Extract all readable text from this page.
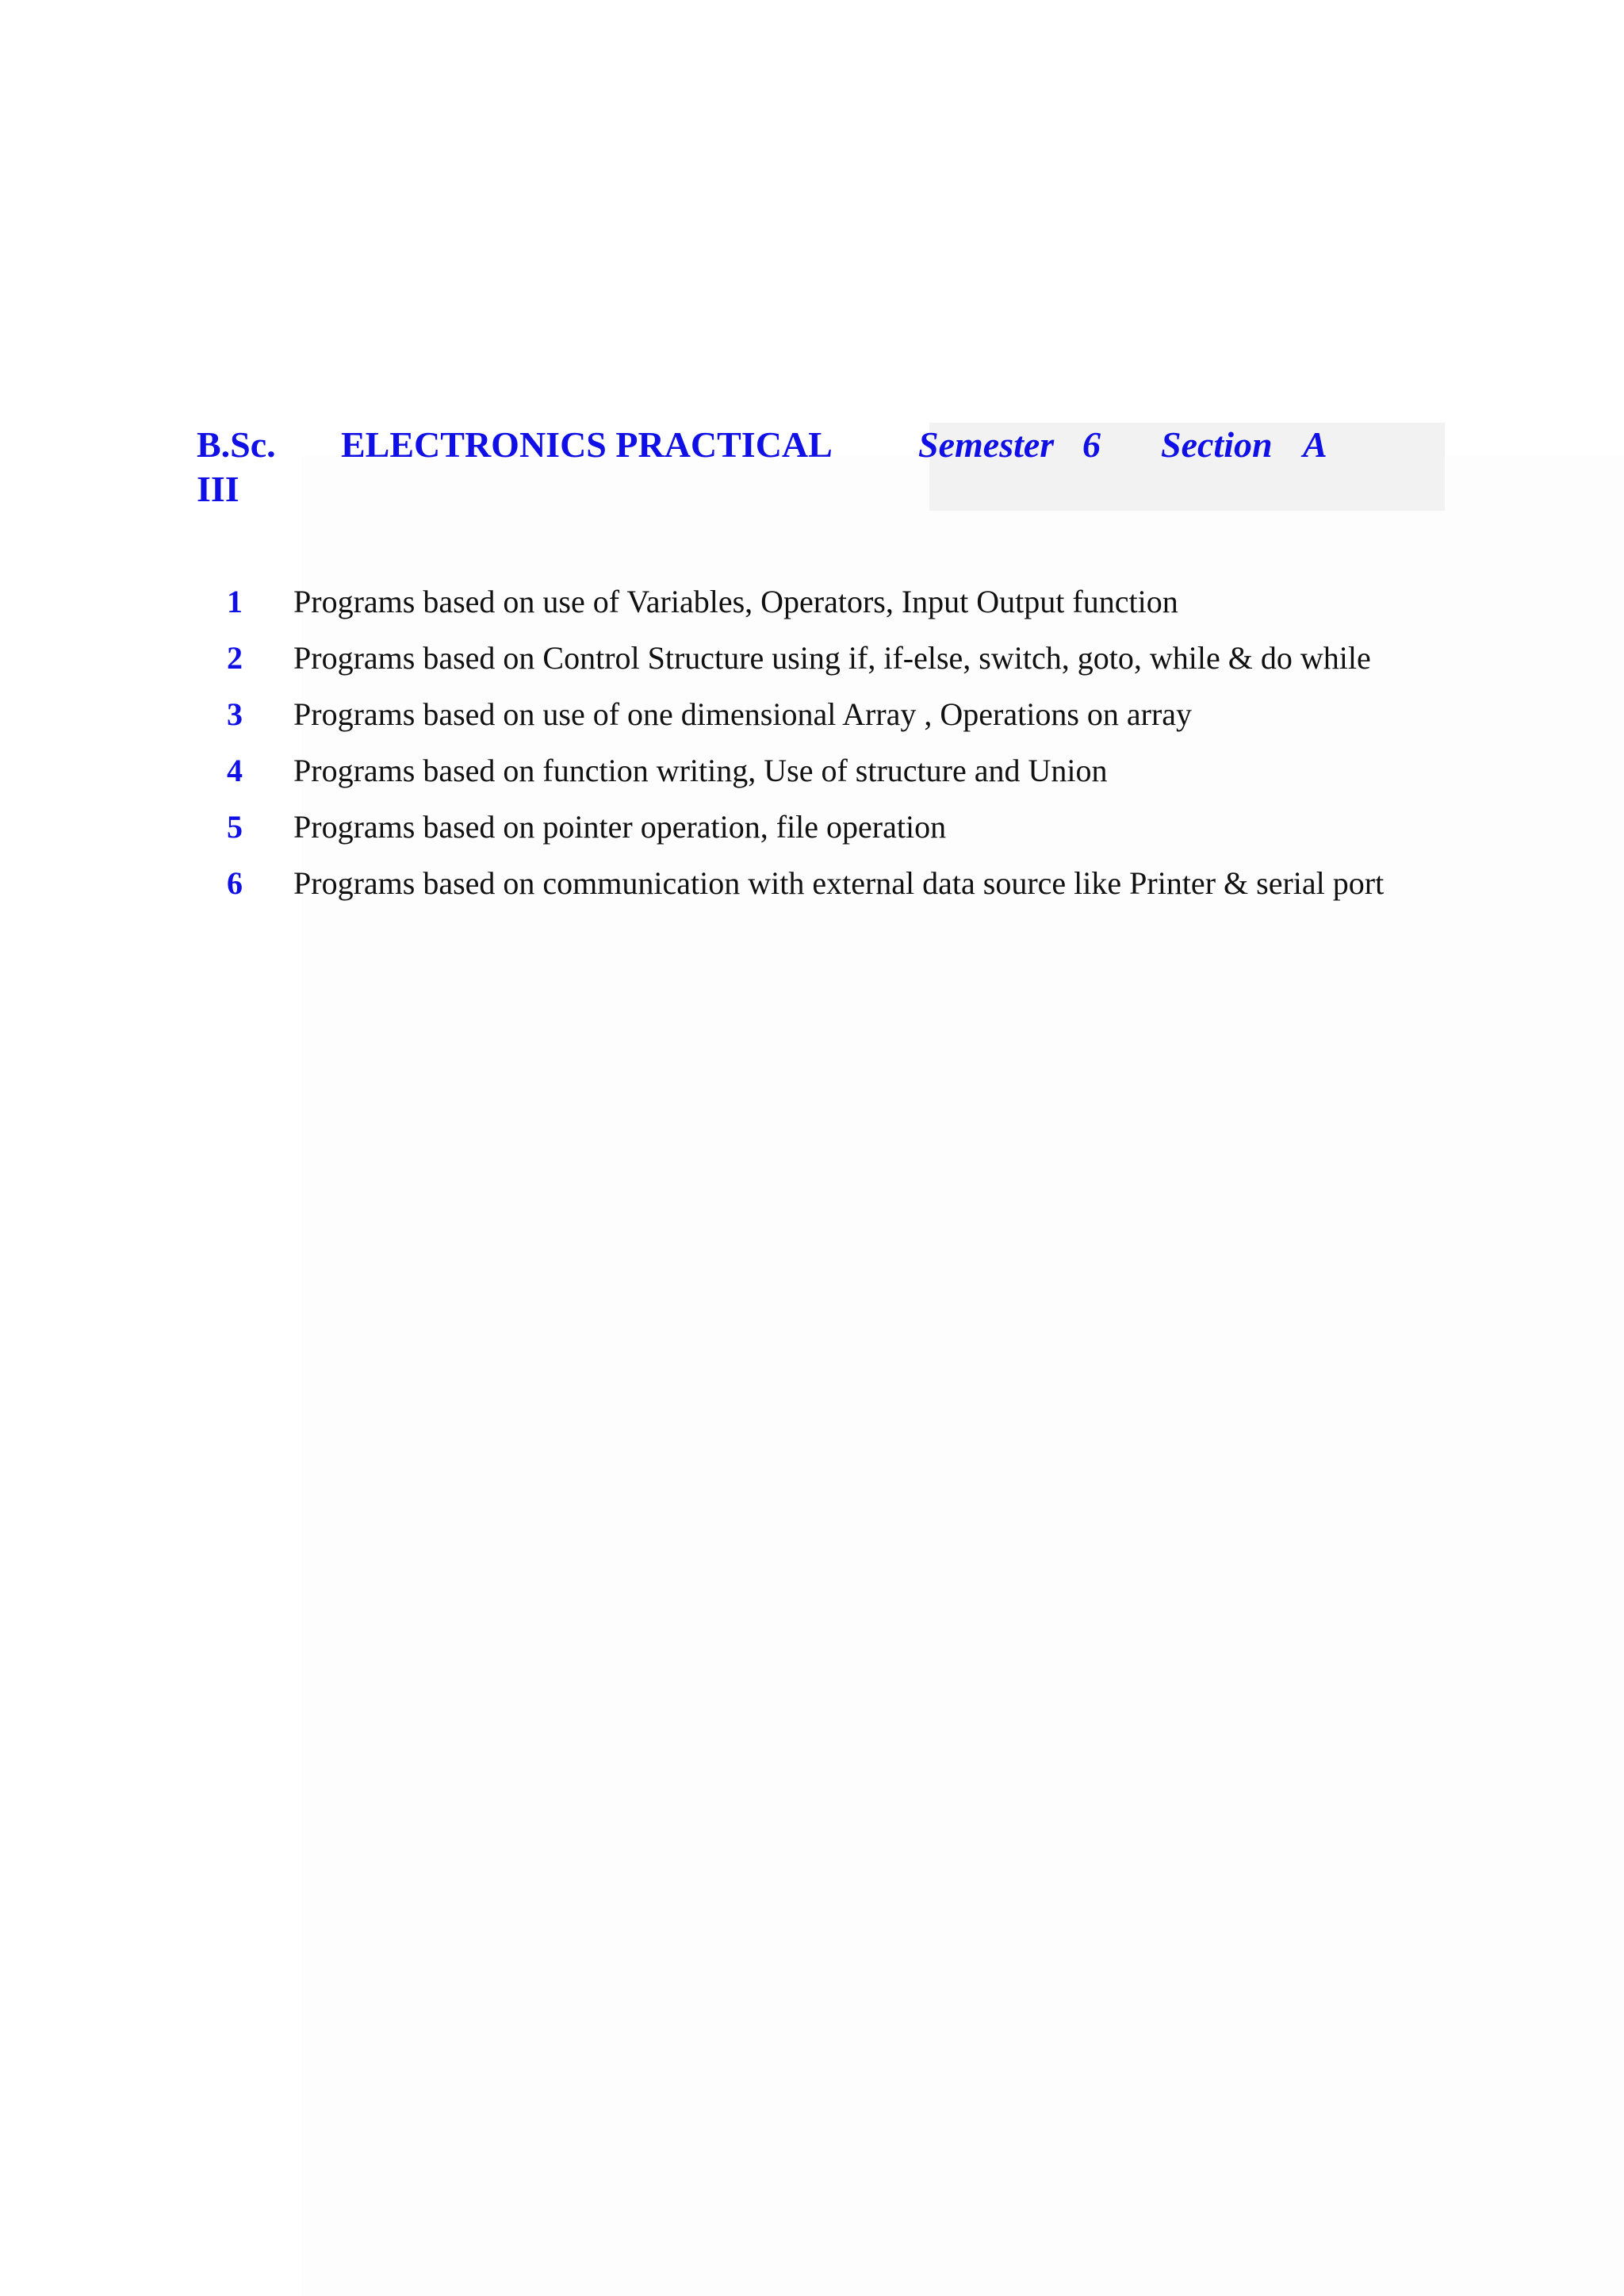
B.Sc.
III
ELECTRONICS PRACTICAL Semester 6 Section A
1 Programs based on use of Variables, Operators, Input Output function
2 Programs based on Control Structure using if, if-else, switch, goto, while & do while
3 Programs based on use of one dimensional Array , Operations on array
4 Programs based on function writing, Use of structure and Union
5 Programs based on pointer operation, file operation
6 Programs based on communication with external data source like Printer & serial port
